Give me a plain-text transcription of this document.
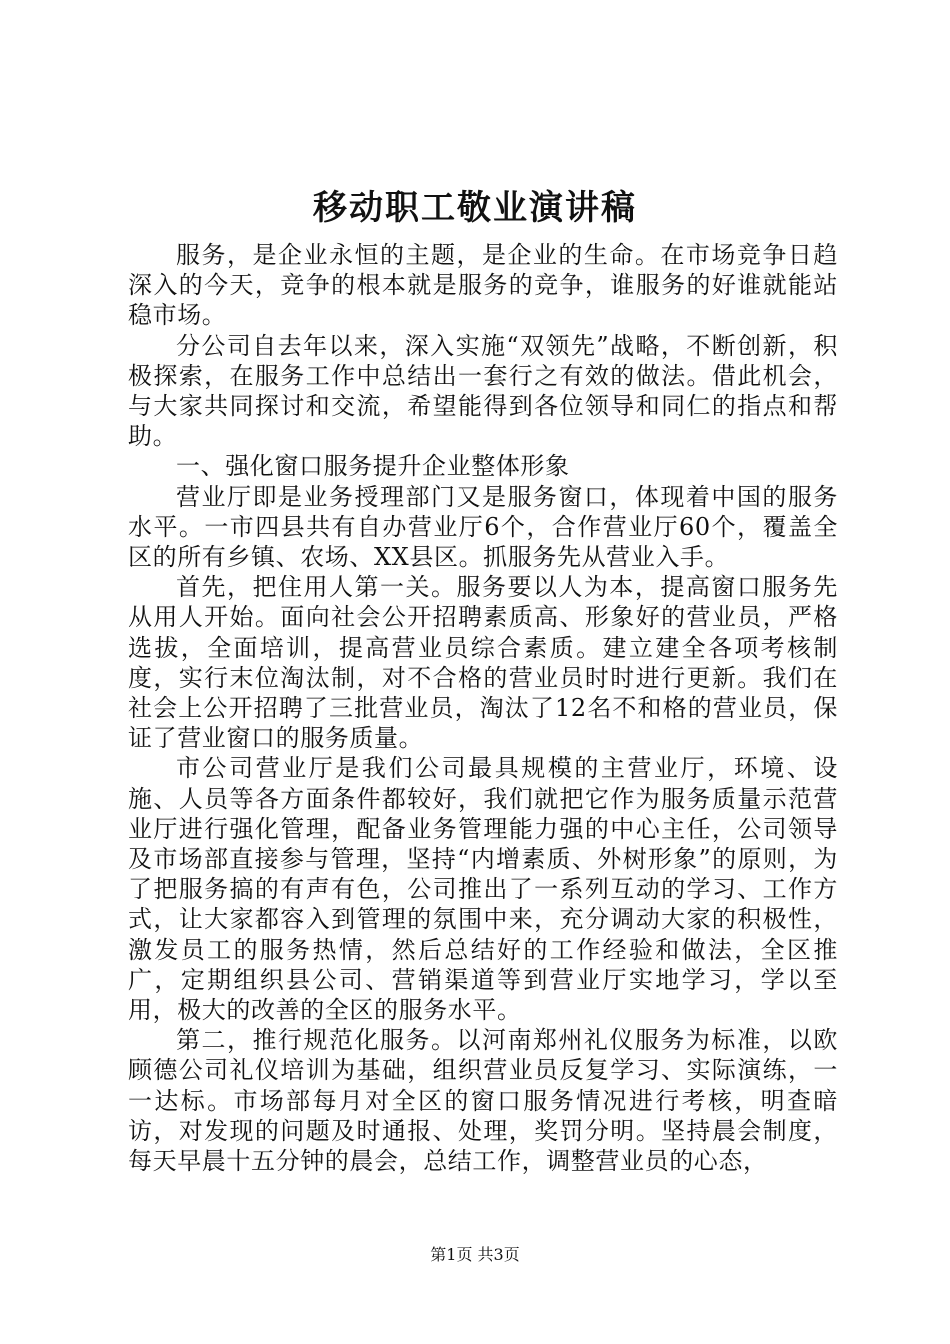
移动职工敬业演讲稿

服务，是企业永恒的主题，是企业的生命。在市场竞争日趋深入的今天，竞争的根本就是服务的竞争，谁服务的好谁就能站稳市场。

分公司自去年以来，深入实施“双领先”战略，不断创新，积极探索，在服务工作中总结出一套行之有效的做法。借此机会，与大家共同探讨和交流，希望能得到各位领导和同仁的指点和帮助。

一、强化窗口服务提升企业整体形象

营业厅即是业务授理部门又是服务窗口，体现着中国的服务水平。一市四县共有自办营业厅6个，合作营业厅60个，覆盖全区的所有乡镇、农场、XX县区。抓服务先从营业入手。

首先，把住用人第一关。服务要以人为本，提高窗口服务先从用人开始。面向社会公开招聘素质高、形象好的营业员，严格选拔，全面培训，提高营业员综合素质。建立建全各项考核制度，实行末位淘汰制，对不合格的营业员时时进行更新。我们在社会上公开招聘了三批营业员，淘汰了12名不和格的营业员，保证了营业窗口的服务质量。

市公司营业厅是我们公司最具规模的主营业厅，环境、设施、人员等各方面条件都较好，我们就把它作为服务质量示范营业厅进行强化管理，配备业务管理能力强的中心主任，公司领导及市场部直接参与管理，坚持“内增素质、外树形象”的原则，为了把服务搞的有声有色，公司推出了一系列互动的学习、工作方式，让大家都容入到管理的氛围中来，充分调动大家的积极性，激发员工的服务热情，然后总结好的工作经验和做法，全区推广，定期组织县公司、营销渠道等到营业厅实地学习，学以至用，极大的改善的全区的服务水平。

第二，推行规范化服务。以河南郑州礼仪服务为标准，以欧顾德公司礼仪培训为基础，组织营业员反复学习、实际演练，一一达标。市场部每月对全区的窗口服务情况进行考核，明查暗访，对发现的问题及时通报、处理，奖罚分明。坚持晨会制度，每天早晨十五分钟的晨会，总结工作，调整营业员的心态，

第1页 共3页
